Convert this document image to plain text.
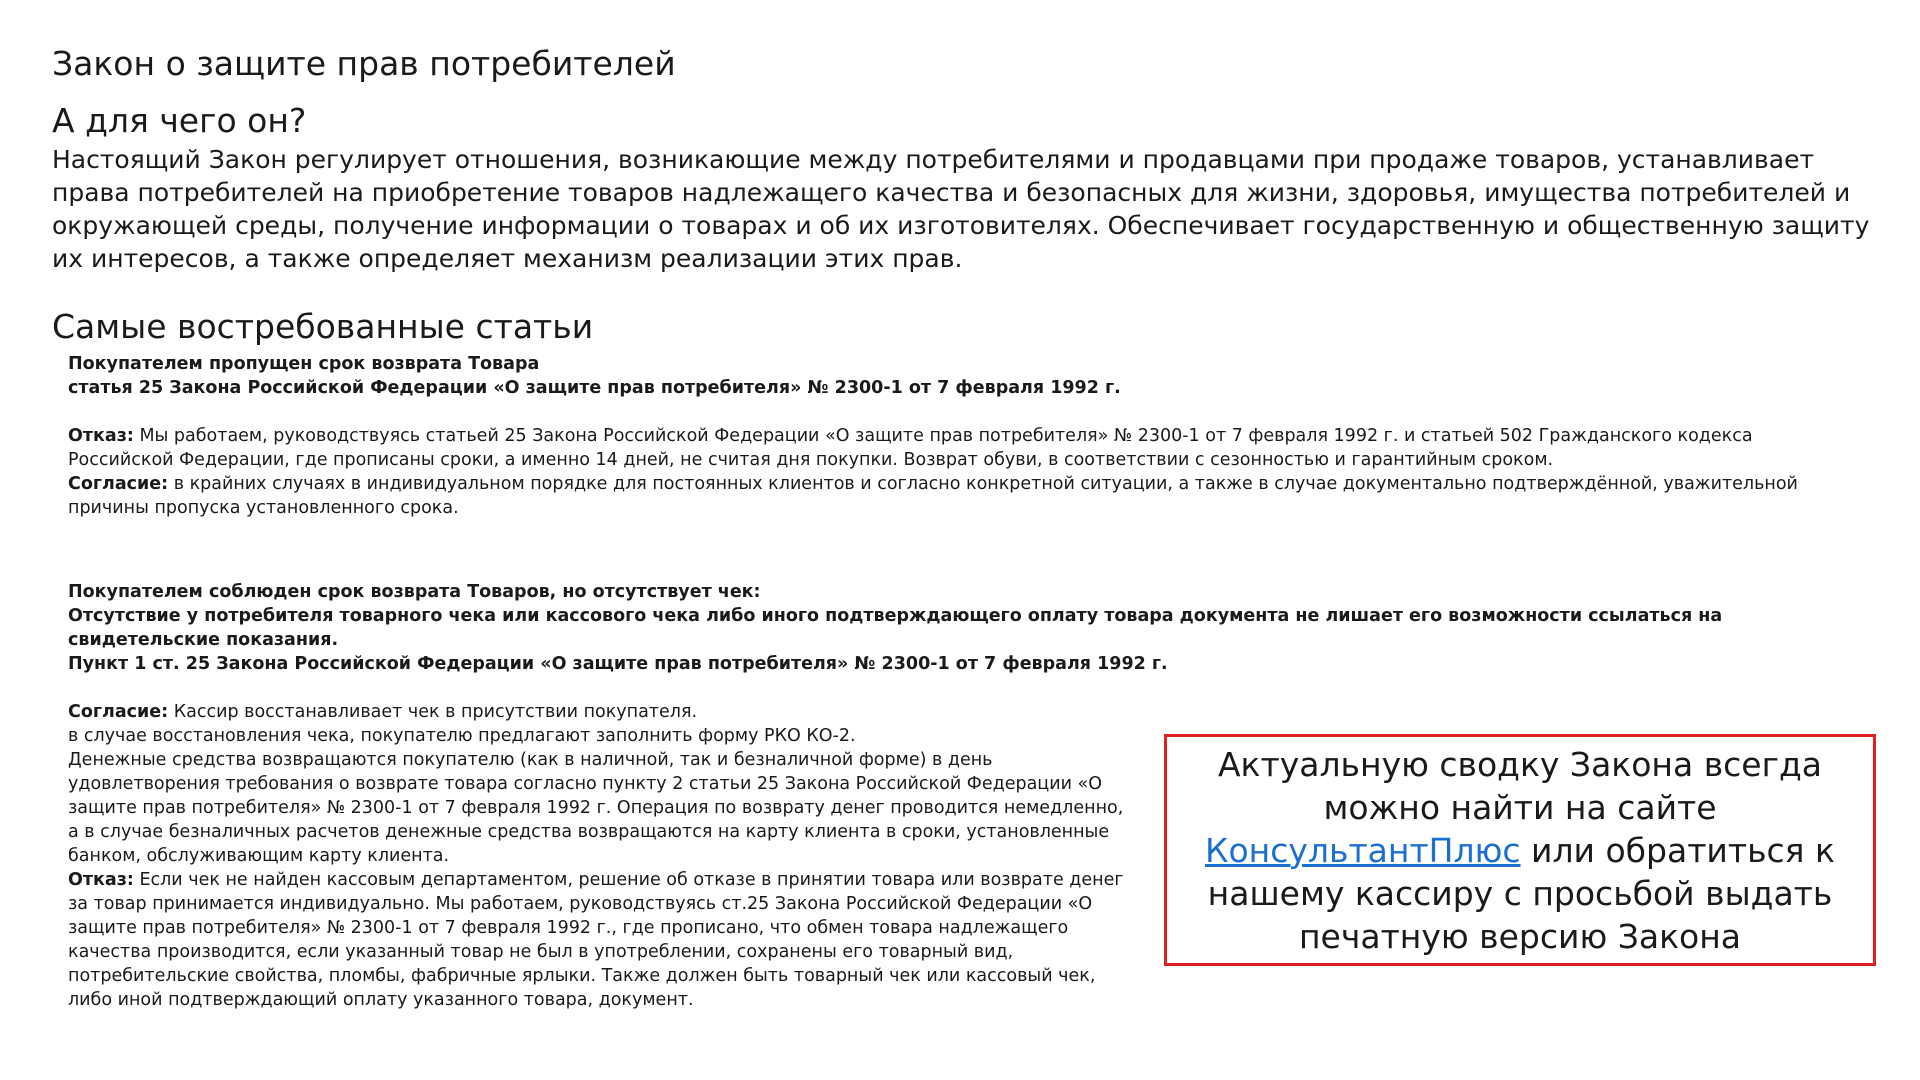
Закон о защите прав потребителей
А для чего он?

Настоящий Закон регулирует отношения, возникающие между потребителями и продавцами при продаже товаров, устанавливает права потребителей на приобретение товаров надлежащего качества и безопасных для жизни, здоровья, имущества потребителей и окружающей среды, получение информации о товарах и об их изготовителях. Обеспечивает государственную и общественную защиту их интересов, а также определяет механизм реализации этих прав.

Самые востребованные статьи

Покупателем пропущен срок возврата Товара

статья 25 Закона Российской Федерации «О защите прав потребителя» № 2300-1 от 7 февраля 1992 г.

Отказ: Мы работаем, руководствуясь статьей 25 Закона Российской Федерации «О защите прав потребителя» № 2300-1 от 7 февраля 1992 г. и статьей 502 Гражданского кодекса Российской Федерации, где прописаны сроки, а именно 14 дней, не считая дня покупки. Возврат обуви, в соответствии с сезонностью и гарантийным сроком.

Согласие: в крайних случаях в индивидуальном порядке для постоянных клиентов и согласно конкретной ситуации, а также в случае документально подтверждённой, уважительной причины пропуска установленного срока.

Покупателем соблюден срок возврата Товаров, но отсутствует чек:

Отсутствие у потребителя товарного чека или кассового чека либо иного подтверждающего оплату товара документа не лишает его возможности ссылаться на свидетельские показания.

Пункт 1 ст. 25 Закона Российской Федерации «О защите прав потребителя» № 2300-1 от 7 февраля 1992 г.

Согласие: Кассир восстанавливает чек в присутствии покупателя.

в случае восстановления чека, покупателю предлагают заполнить форму РКО КО-2.

Денежные средства возвращаются покупателю (как в наличной, так и безналичной форме) в день удовлетворения требования о возврате товара согласно пункту 2 статьи 25 Закона Российской Федерации «О защите прав потребителя» № 2300-1 от 7 февраля 1992 г. Операция по возврату денег проводится немедленно, а в случае безналичных расчетов денежные средства возвращаются на карту клиента в сроки, установленные банком, обслуживающим карту клиента.

Отказ: Если чек не найден кассовым департаментом, решение об отказе в принятии товара или возврате денег за товар принимается индивидуально. Мы работаем, руководствуясь ст.25 Закона Российской Федерации «О защите прав потребителя» № 2300-1 от 7 февраля 1992 г., где прописано, что обмен товара надлежащего качества производится, если указанный товар не был в употреблении, сохранены его товарный вид, потребительские свойства, пломбы, фабричные ярлыки. Также должен быть товарный чек или кассовый чек, либо иной подтверждающий оплату указанного товара, документ.

Актуальную сводку Закона всегда можно найти на сайте КонсультантПлюс или обратиться к нашему кассиру с просьбой выдать печатную версию Закона
